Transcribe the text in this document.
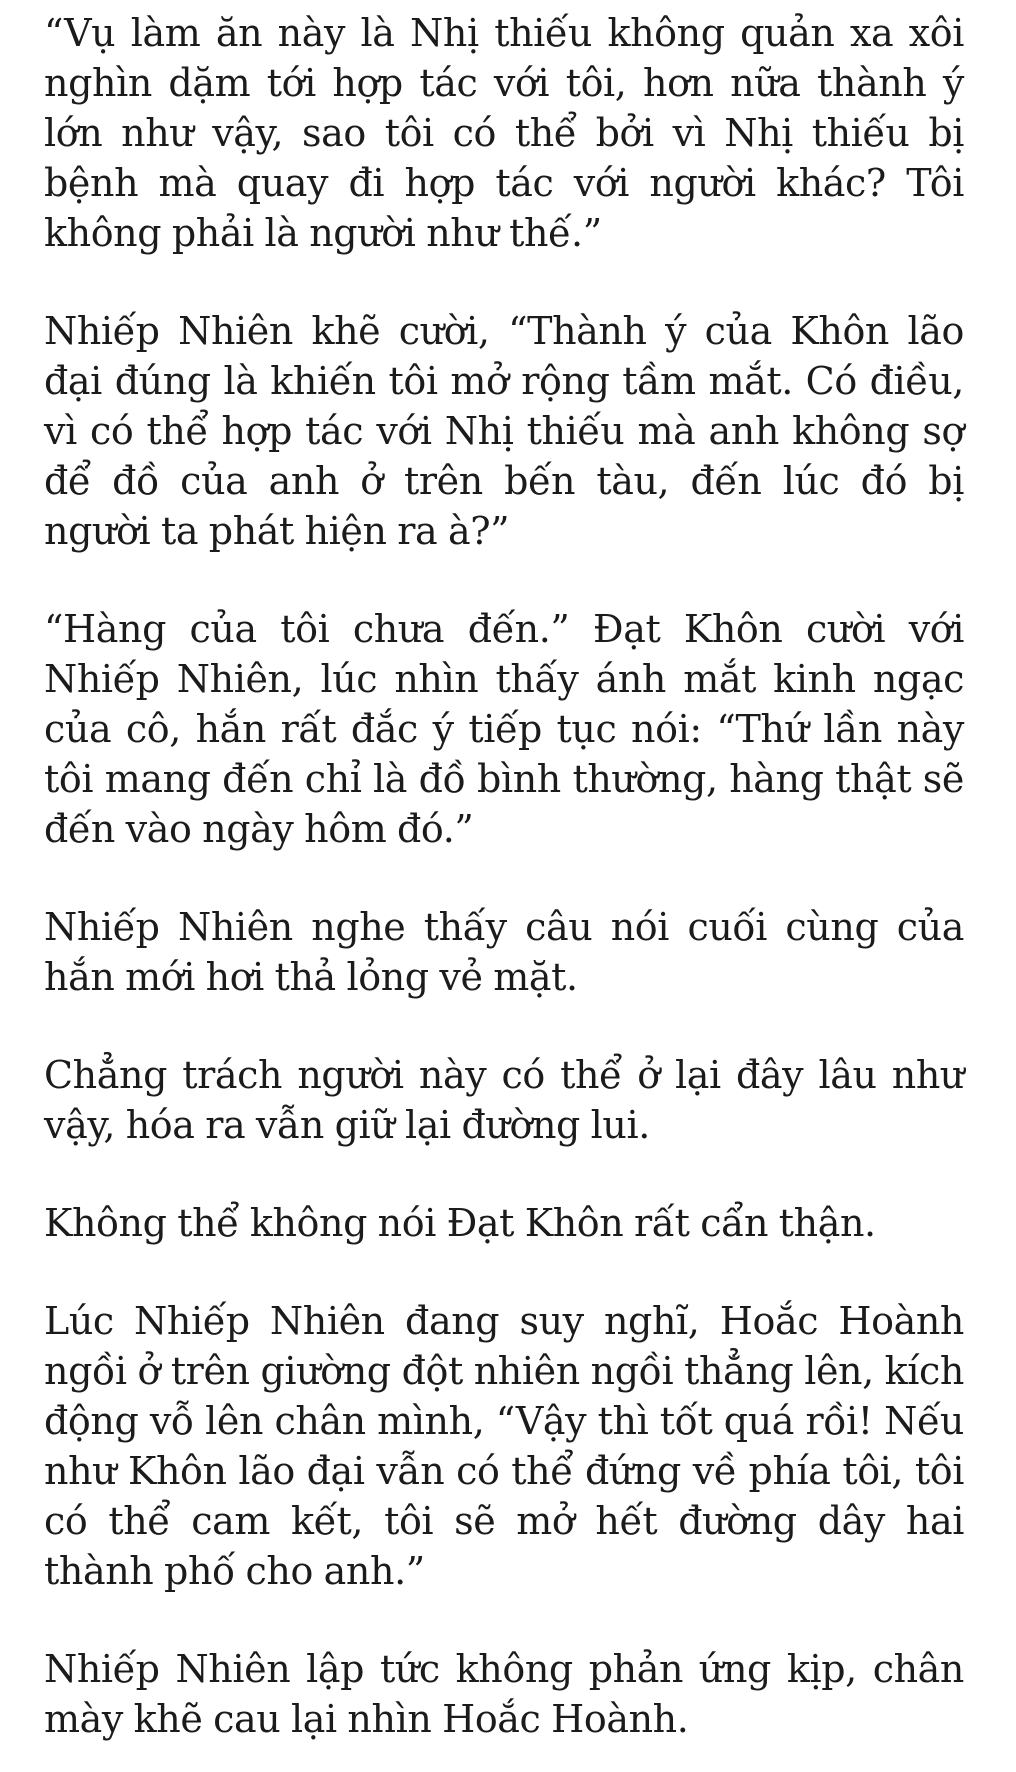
“Vụ làm ăn này là Nhị thiếu không quản xa xôi nghìn dặm tới hợp tác với tôi, hơn nữa thành ý lớn như vậy, sao tôi có thể bởi vì Nhị thiếu bị bệnh mà quay đi hợp tác với người khác? Tôi không phải là người như thế.”

Nhiếp Nhiên khẽ cười, “Thành ý của Khôn lão đại đúng là khiến tôi mở rộng tầm mắt. Có điều, vì có thể hợp tác với Nhị thiếu mà anh không sợ để đồ của anh ở trên bến tàu, đến lúc đó bị người ta phát hiện ra à?”

“Hàng của tôi chưa đến.” Đạt Khôn cười với Nhiếp Nhiên, lúc nhìn thấy ánh mắt kinh ngạc của cô, hắn rất đắc ý tiếp tục nói: “Thứ lần này tôi mang đến chỉ là đồ bình thường, hàng thật sẽ đến vào ngày hôm đó.”

Nhiếp Nhiên nghe thấy câu nói cuối cùng của hắn mới hơi thả lỏng vẻ mặt.

Chẳng trách người này có thể ở lại đây lâu như vậy, hóa ra vẫn giữ lại đường lui.

Không thể không nói Đạt Khôn rất cẩn thận.

Lúc Nhiếp Nhiên đang suy nghĩ, Hoắc Hoành ngồi ở trên giường đột nhiên ngồi thẳng lên, kích động vỗ lên chân mình, “Vậy thì tốt quá rồi! Nếu như Khôn lão đại vẫn có thể đứng về phía tôi, tôi có thể cam kết, tôi sẽ mở hết đường dây hai thành phố cho anh.”

Nhiếp Nhiên lập tức không phản ứng kịp, chân mày khẽ cau lại nhìn Hoắc Hoành.
